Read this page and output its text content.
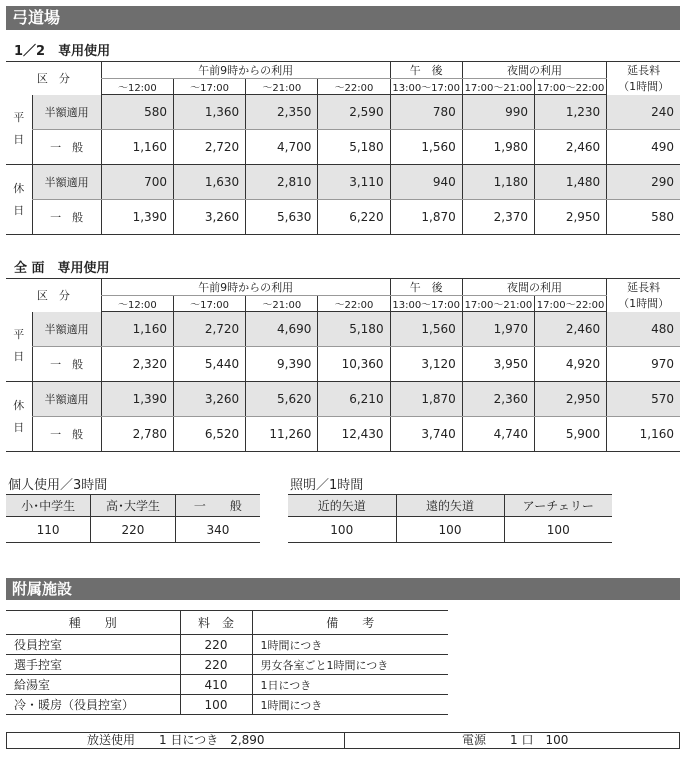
弓道場
1／2　専用使用
区　分		午前9時からの利用				午　後	夜間の利用		延長料
（1時間）

		～12:00	～17:00	～21:00	～22:00	13:00～17:00	17:00～21:00	17:00～22:00	
平
日	半額適用	580	1,360	2,350	2,590	780	990	1,230	240
	一　般	1,160	2,720	4,700	5,180	1,560	1,980	2,460	490
休
日	半額適用	700	1,630	2,810	3,110	940	1,180	1,480	290
	一　般	1,390	3,260	5,630	6,220	1,870	2,370	2,950	580
全 面　専用使用
区　分		午前9時からの利用				午　後	夜間の利用		延長料
（1時間）

		～12:00	～17:00	～21:00	～22:00	13:00～17:00	17:00～21:00	17:00～22:00	
平
日	半額適用	1,160	2,720	4,690	5,180	1,560	1,970	2,460	480
	一　般	2,320	5,440	9,390	10,360	3,120	3,950	4,920	970
休
日	半額適用	1,390	3,260	5,620	6,210	1,870	2,360	2,950	570
	一　般	2,780	6,520	11,260	12,430	3,740	4,740	5,900	1,160
個人使用／3時間
小･中学生	高･大学生	一　　般
110	220	340
照明／1時間
近的矢道	遠的矢道	アーチェリー
100	100	100
附属施設
種　　別	料　金	備　　考
役員控室	220	1時間につき
選手控室	220	男女各室ごと1時間につき
給湯室	410	1日につき
冷・暖房（役員控室）	100	1時間につき
放送使用　　1 日につき　2,890	電源　　1 口　100
